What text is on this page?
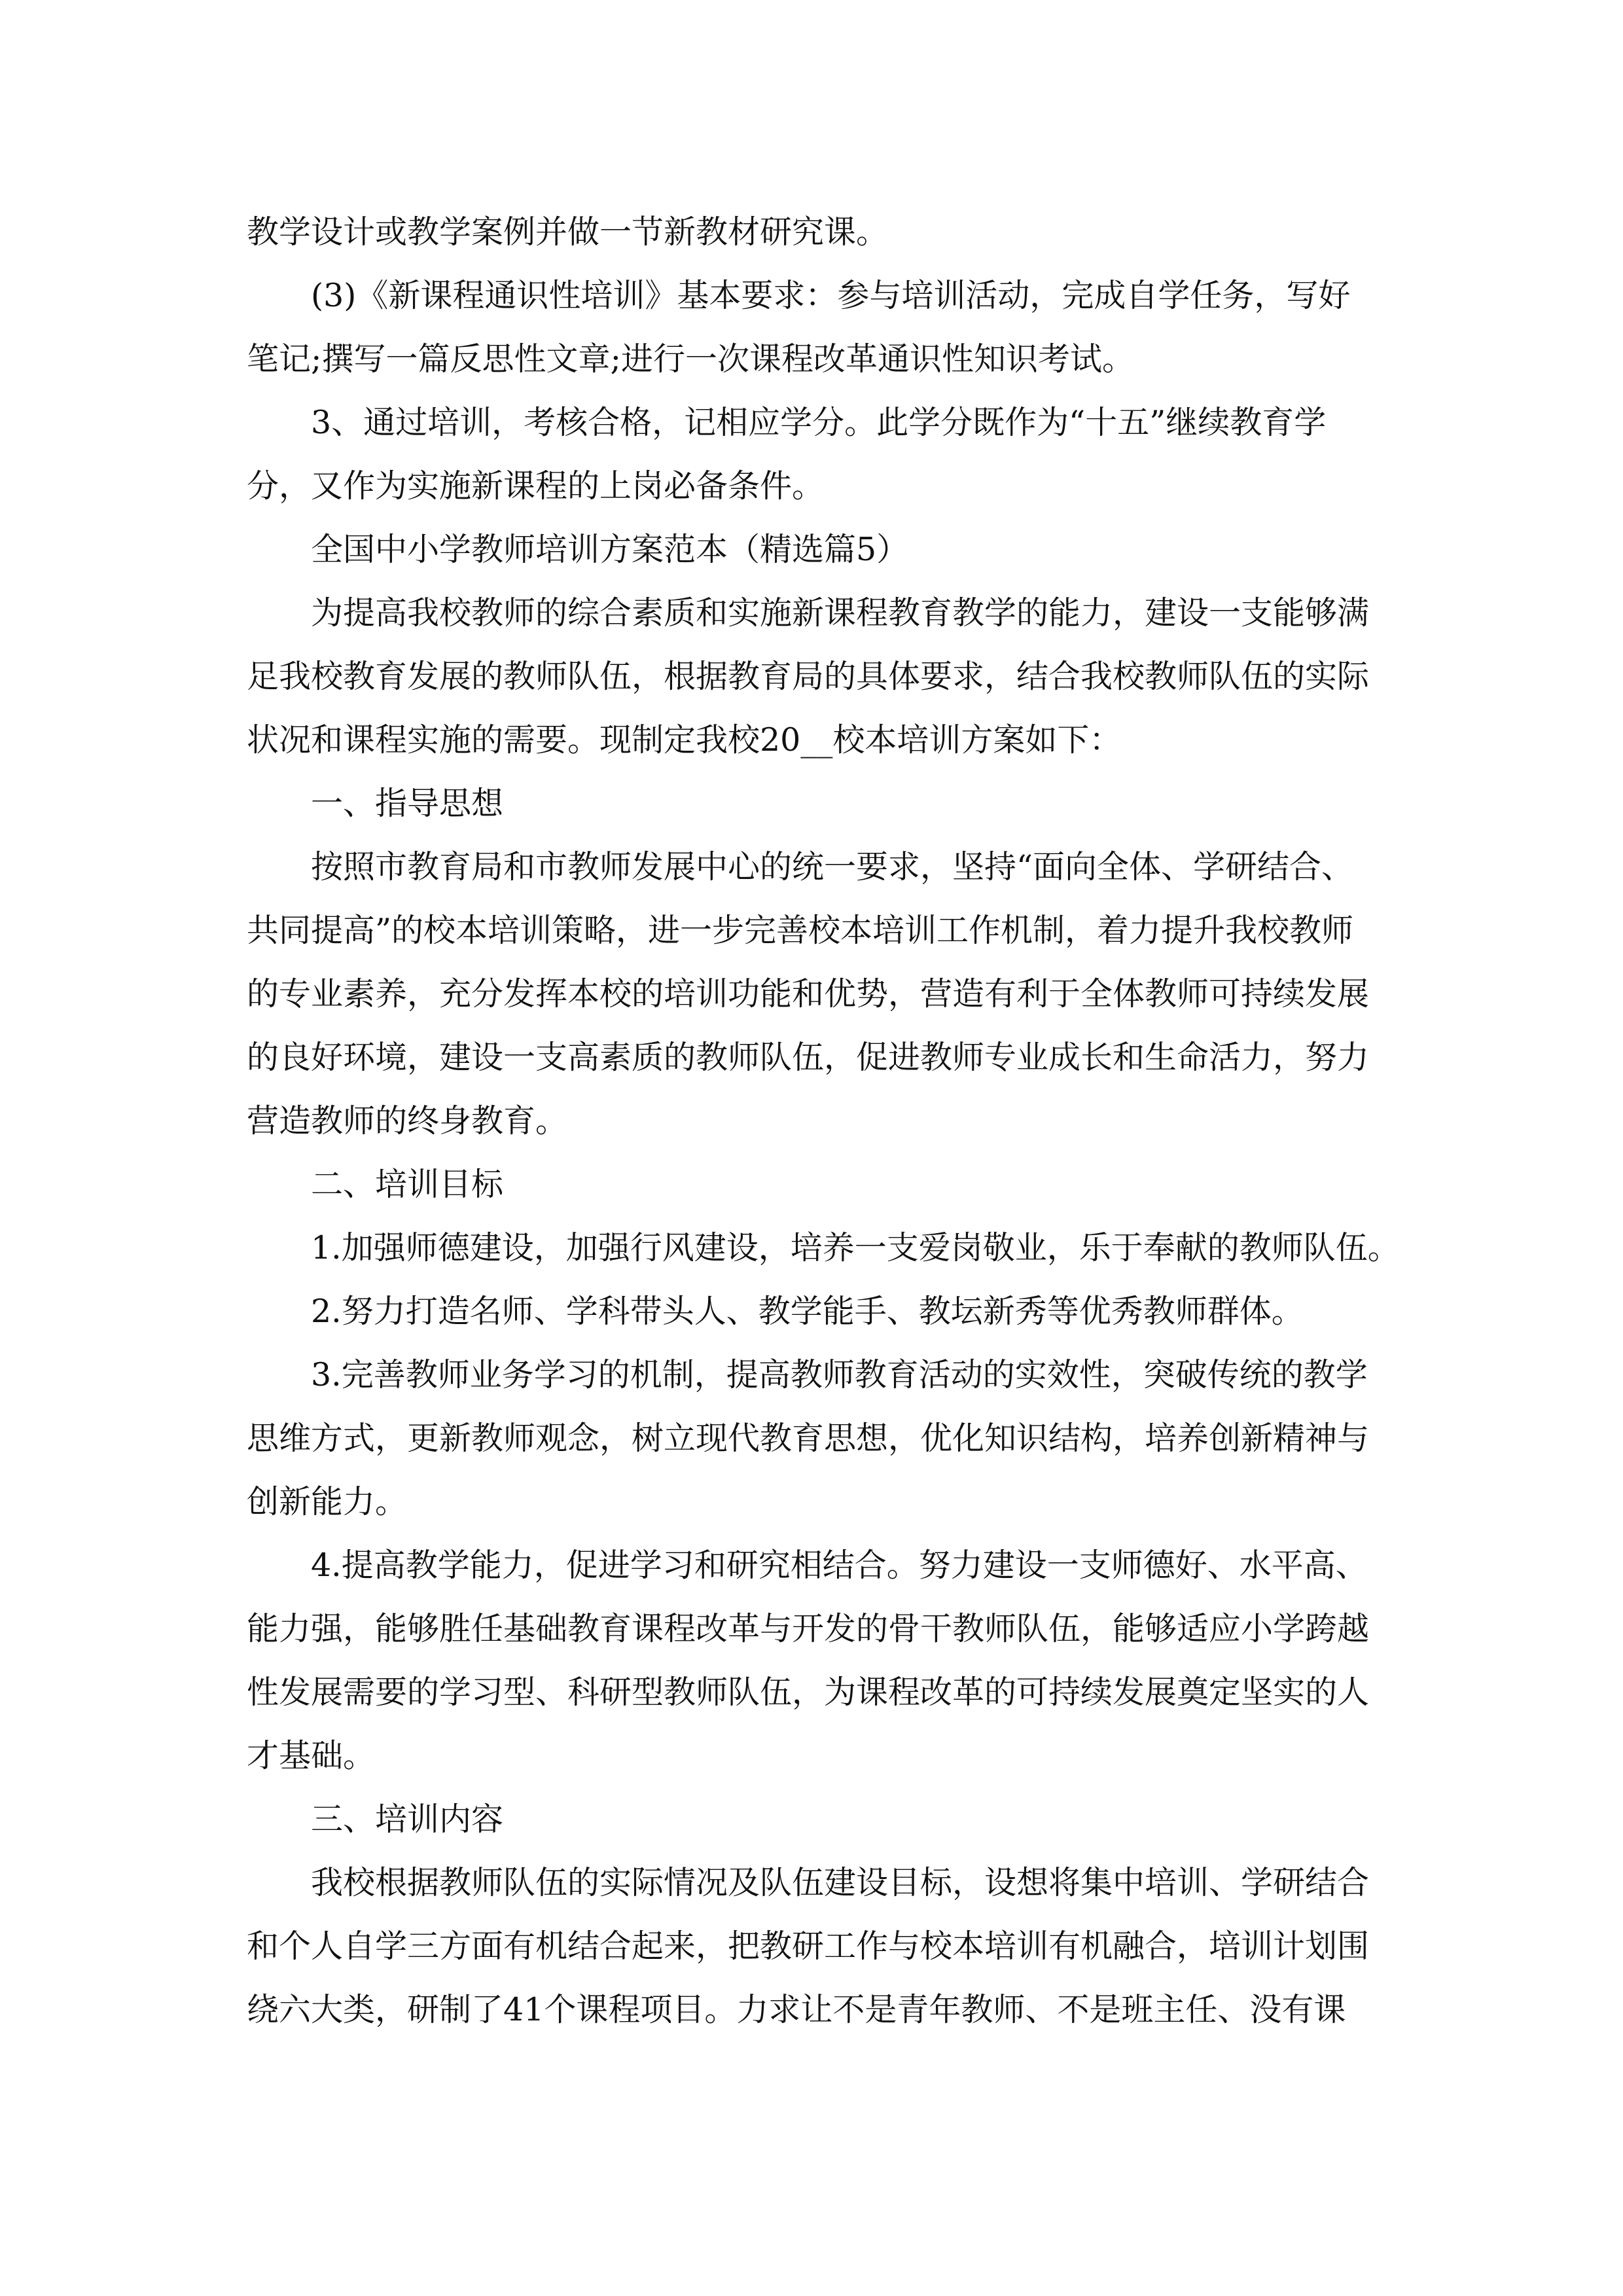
教学设计或教学案例并做一节新教材研究课。
(3)《新课程通识性培训》基本要求：参与培训活动，完成自学任务，写好
笔记;撰写一篇反思性文章;进行一次课程改革通识性知识考试。
3、通过培训，考核合格，记相应学分。此学分既作为“十五”继续教育学
分，又作为实施新课程的上岗必备条件。
全国中小学教师培训方案范本（精选篇5）
为提高我校教师的综合素质和实施新课程教育教学的能力，建设一支能够满
足我校教育发展的教师队伍，根据教育局的具体要求，结合我校教师队伍的实际
状况和课程实施的需要。现制定我校20__校本培训方案如下：
一、指导思想
按照市教育局和市教师发展中心的统一要求，坚持“面向全体、学研结合、
共同提高”的校本培训策略，进一步完善校本培训工作机制，着力提升我校教师
的专业素养，充分发挥本校的培训功能和优势，营造有利于全体教师可持续发展
的良好环境，建设一支高素质的教师队伍，促进教师专业成长和生命活力，努力
营造教师的终身教育。
二、培训目标
1.加强师德建设，加强行风建设，培养一支爱岗敬业，乐于奉献的教师队伍。
2.努力打造名师、学科带头人、教学能手、教坛新秀等优秀教师群体。
3.完善教师业务学习的机制，提高教师教育活动的实效性，突破传统的教学
思维方式，更新教师观念，树立现代教育思想，优化知识结构，培养创新精神与
创新能力。
4.提高教学能力，促进学习和研究相结合。努力建设一支师德好、水平高、
能力强，能够胜任基础教育课程改革与开发的骨干教师队伍，能够适应小学跨越
性发展需要的学习型、科研型教师队伍，为课程改革的可持续发展奠定坚实的人
才基础。
三、培训内容
我校根据教师队伍的实际情况及队伍建设目标，设想将集中培训、学研结合
和个人自学三方面有机结合起来，把教研工作与校本培训有机融合，培训计划围
绕六大类，研制了41个课程项目。力求让不是青年教师、不是班主任、没有课
